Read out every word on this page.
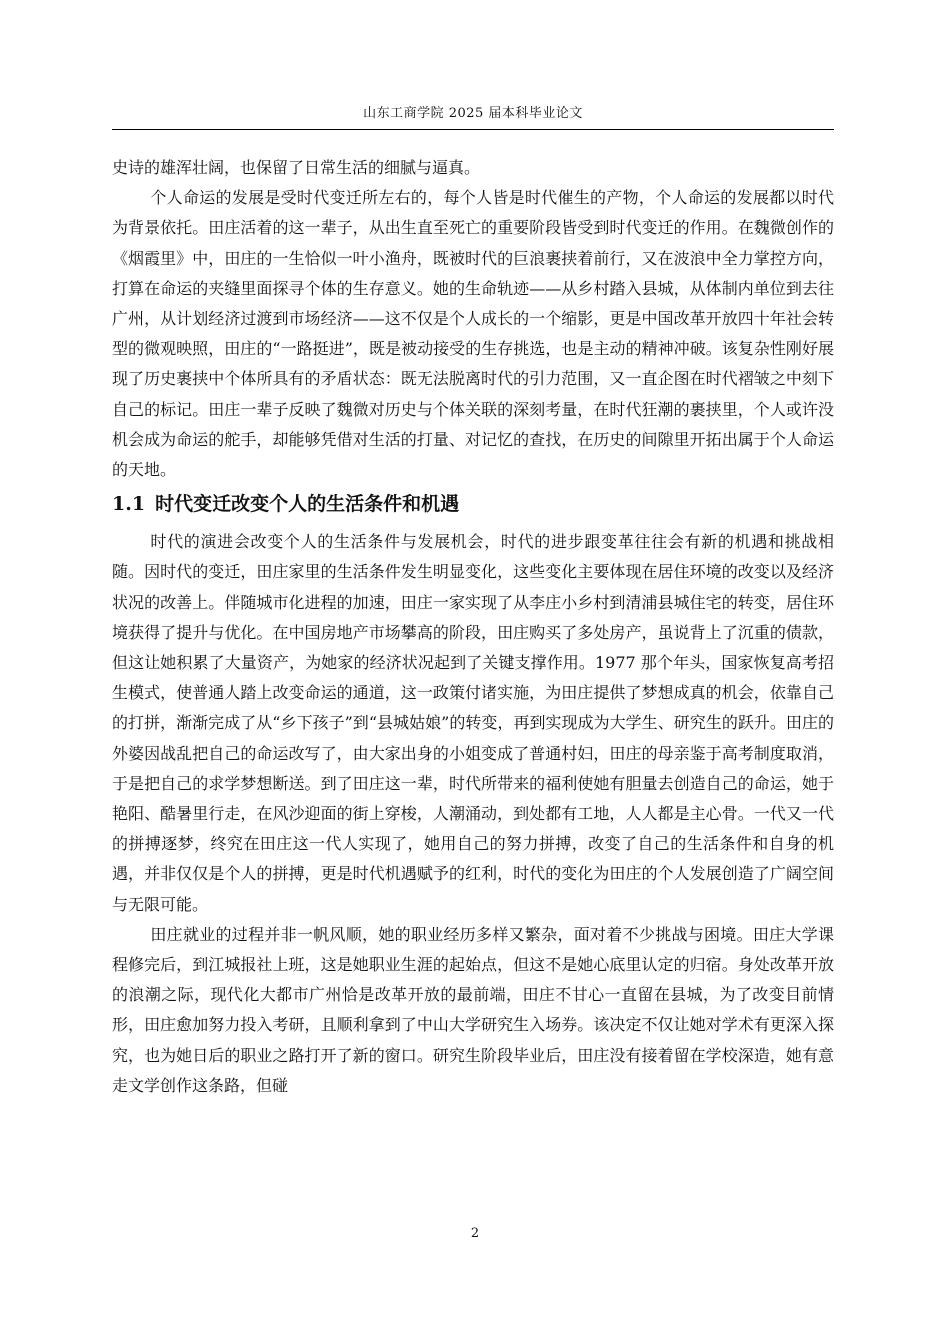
山东工商学院 2025 届本科毕业论文

史诗的雄浑壮阔，也保留了日常生活的细腻与逼真。

个人命运的发展是受时代变迁所左右的，每个人皆是时代催生的产物，个人命运的发展都以时代为背景依托。田庄活着的这一辈子，从出生直至死亡的重要阶段皆受到时代变迁的作用。在魏微创作的《烟霞里》中，田庄的一生恰似一叶小渔舟，既被时代的巨浪裹挟着前行，又在波浪中全力掌控方向，打算在命运的夹缝里面探寻个体的生存意义。她的生命轨迹——从乡村踏入县城，从体制内单位到去往广州，从计划经济过渡到市场经济——这不仅是个人成长的一个缩影，更是中国改革开放四十年社会转型的微观映照，田庄的“一路挺进”，既是被动接受的生存挑选，也是主动的精神冲破。该复杂性刚好展现了历史裹挟中个体所具有的矛盾状态：既无法脱离时代的引力范围，又一直企图在时代褶皱之中刻下自己的标记。田庄一辈子反映了魏微对历史与个体关联的深刻考量，在时代狂潮的裹挟里，个人或许没机会成为命运的舵手，却能够凭借对生活的打量、对记忆的查找，在历史的间隙里开拓出属于个人命运的天地。

1.1 时代变迁改变个人的生活条件和机遇

时代的演进会改变个人的生活条件与发展机会，时代的进步跟变革往往会有新的机遇和挑战相随。因时代的变迁，田庄家里的生活条件发生明显变化，这些变化主要体现在居住环境的改变以及经济状况的改善上。伴随城市化进程的加速，田庄一家实现了从李庄小乡村到清浦县城住宅的转变，居住环境获得了提升与优化。在中国房地产市场攀高的阶段，田庄购买了多处房产，虽说背上了沉重的债款，但这让她积累了大量资产，为她家的经济状况起到了关键支撑作用。1977 那个年头，国家恢复高考招生模式，使普通人踏上改变命运的通道，这一政策付诸实施，为田庄提供了梦想成真的机会，依靠自己的打拼，渐渐完成了从“乡下孩子”到“县城姑娘”的转变，再到实现成为大学生、研究生的跃升。田庄的外婆因战乱把自己的命运改写了，由大家出身的小姐变成了普通村妇，田庄的母亲鉴于高考制度取消，于是把自己的求学梦想断送。到了田庄这一辈，时代所带来的福利使她有胆量去创造自己的命运，她于艳阳、酷暑里行走，在风沙迎面的街上穿梭，人潮涌动，到处都有工地，人人都是主心骨。一代又一代的拼搏逐梦，终究在田庄这一代人实现了，她用自己的努力拼搏，改变了自己的生活条件和自身的机遇，并非仅仅是个人的拼搏，更是时代机遇赋予的红利，时代的变化为田庄的个人发展创造了广阔空间与无限可能。

田庄就业的过程并非一帆风顺，她的职业经历多样又繁杂，面对着不少挑战与困境。田庄大学课程修完后，到江城报社上班，这是她职业生涯的起始点，但这不是她心底里认定的归宿。身处改革开放的浪潮之际，现代化大都市广州恰是改革开放的最前端，田庄不甘心一直留在县城，为了改变目前情形，田庄愈加努力投入考研，且顺利拿到了中山大学研究生入场券。该决定不仅让她对学术有更深入探究，也为她日后的职业之路打开了新的窗口。研究生阶段毕业后，田庄没有接着留在学校深造，她有意走文学创作这条路，但碰

2
